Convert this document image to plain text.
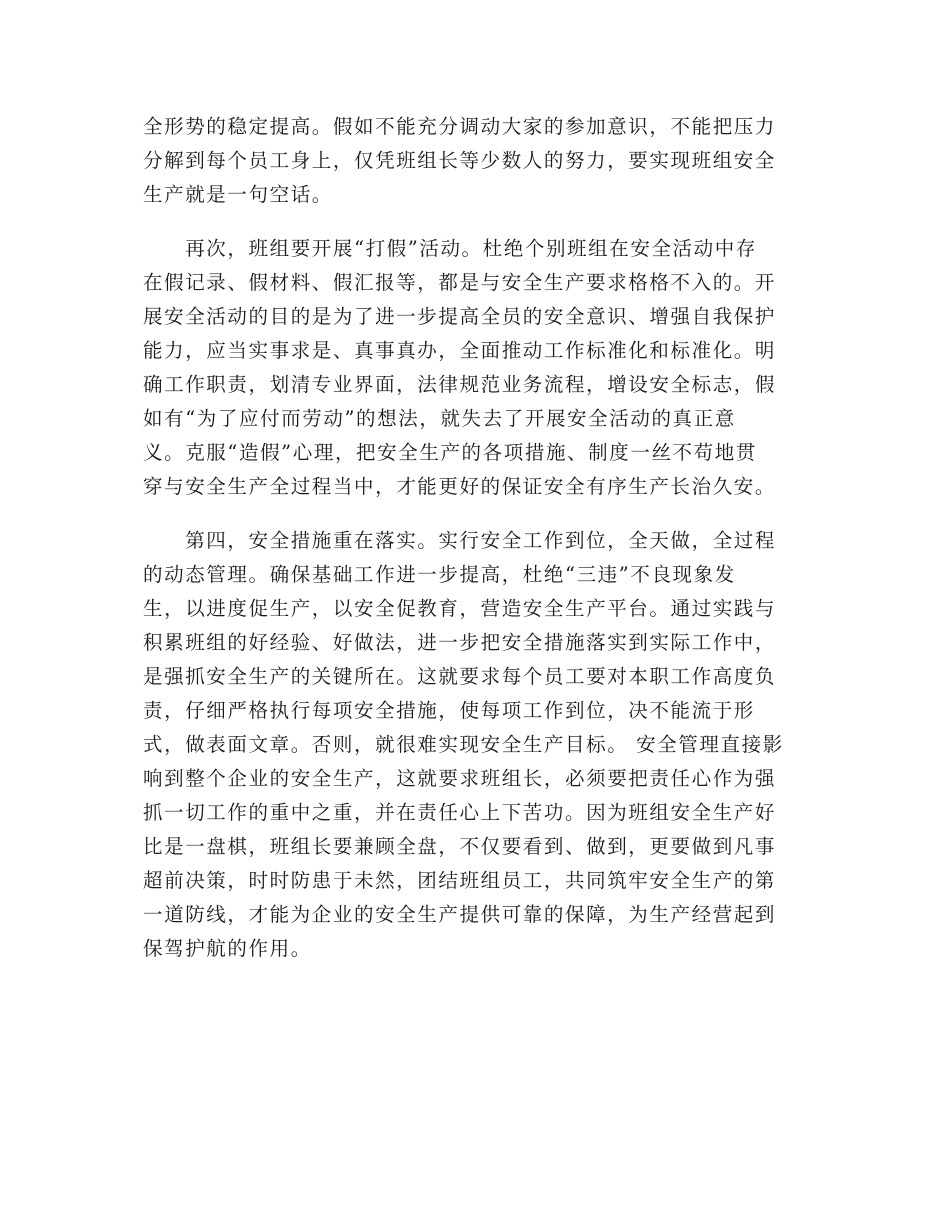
全形势的稳定提高。假如不能充分调动大家的参加意识，不能把压力
分解到每个员工身上，仅凭班组长等少数人的努力，要实现班组安全
生产就是一句空话。

　　再次，班组要开展“打假”活动。杜绝个别班组在安全活动中存
在假记录、假材料、假汇报等，都是与安全生产要求格格不入的。开
展安全活动的目的是为了进一步提高全员的安全意识、增强自我保护
能力，应当实事求是、真事真办，全面推动工作标准化和标准化。明
确工作职责，划清专业界面，法律规范业务流程，增设安全标志，假
如有“为了应付而劳动”的想法，就失去了开展安全活动的真正意
义。克服“造假”心理，把安全生产的各项措施、制度一丝不苟地贯
穿与安全生产全过程当中，才能更好的保证安全有序生产长治久安。

　　第四，安全措施重在落实。实行安全工作到位，全天做，全过程
的动态管理。确保基础工作进一步提高，杜绝“三违”不良现象发
生，以进度促生产，以安全促教育，营造安全生产平台。通过实践与
积累班组的好经验、好做法，进一步把安全措施落实到实际工作中，
是强抓安全生产的关键所在。这就要求每个员工要对本职工作高度负
责，仔细严格执行每项安全措施，使每项工作到位，决不能流于形
式，做表面文章。否则，就很难实现安全生产目标。 安全管理直接影
响到整个企业的安全生产，这就要求班组长，必须要把责任心作为强
抓一切工作的重中之重，并在责任心上下苦功。因为班组安全生产好
比是一盘棋，班组长要兼顾全盘，不仅要看到、做到，更要做到凡事
超前决策，时时防患于未然，团结班组员工，共同筑牢安全生产的第
一道防线，才能为企业的安全生产提供可靠的保障，为生产经营起到
保驾护航的作用。
